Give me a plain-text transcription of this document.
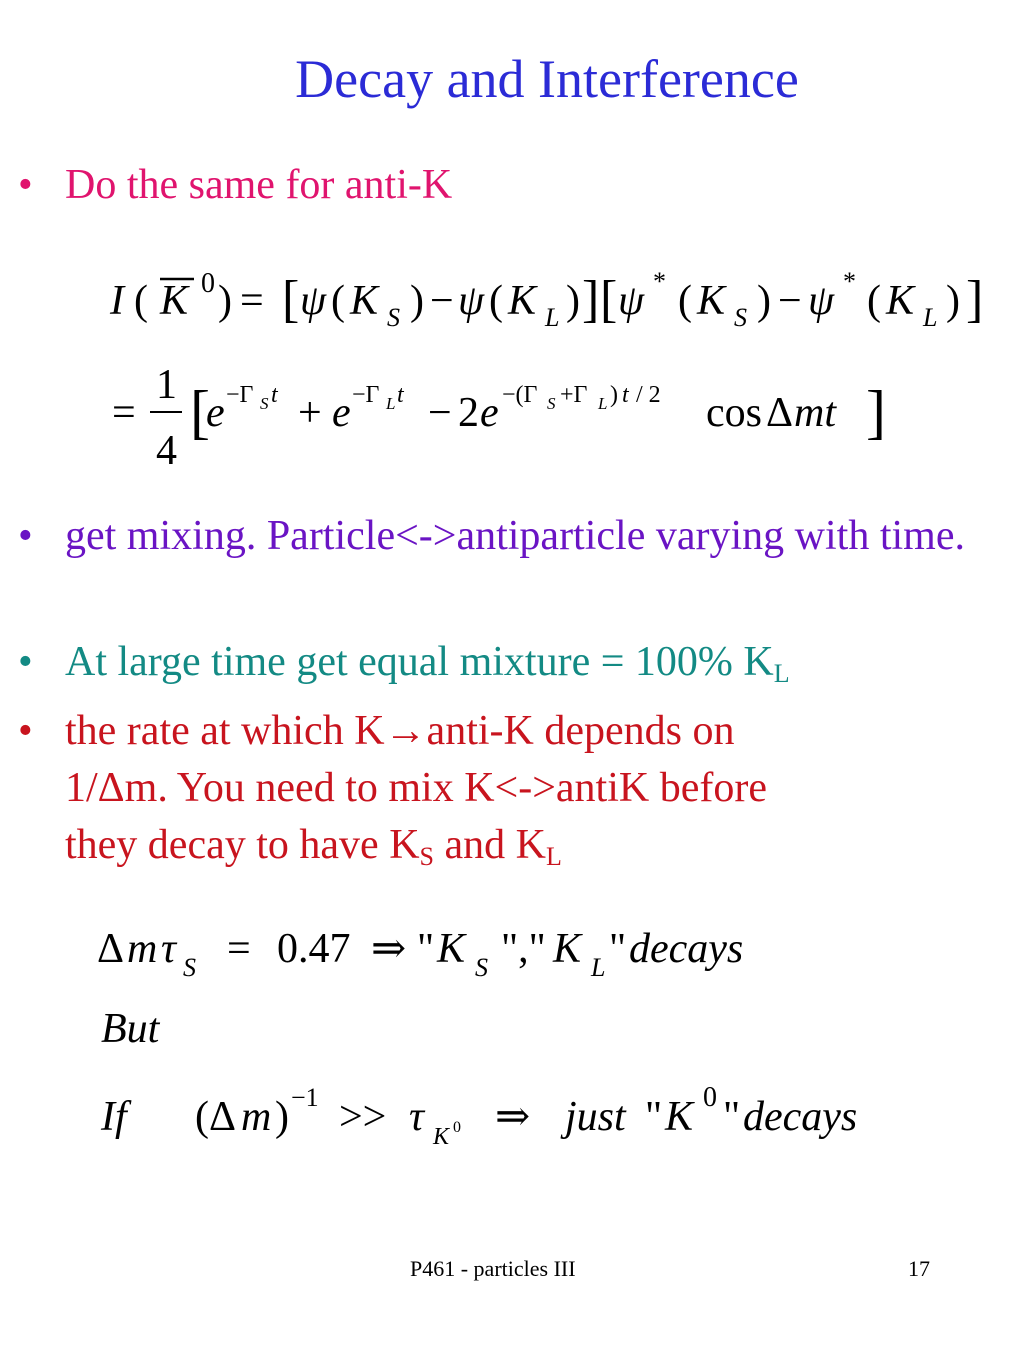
Decay and Interference
• Do the same for anti-K
I ( K 0 ) = [ ψ ( K S ) − ψ ( K L ) ] [ ψ * ( K S ) − ψ * ( K L ) ]
=
1
4
[
e −Γ S t + e −Γ L t − 2 e −(Γ S +Γ L ) t / 2 cos Δ mt ]
• get mixing. Particle<->antiparticle varying with time.
• At large time get equal mixture = 100% $K_L$
• the rate at which K→anti-K depends on
1/Δm. You need to mix K<->antiK before
they decay to have $K_S$ and $K_L$
Δ m τ S = 0.47 ⇒ " K S "," K L " decays
But
If (Δ m ) −1 >> τ K 0 ⇒ just " K 0 " decays
P461 - particles III	17
